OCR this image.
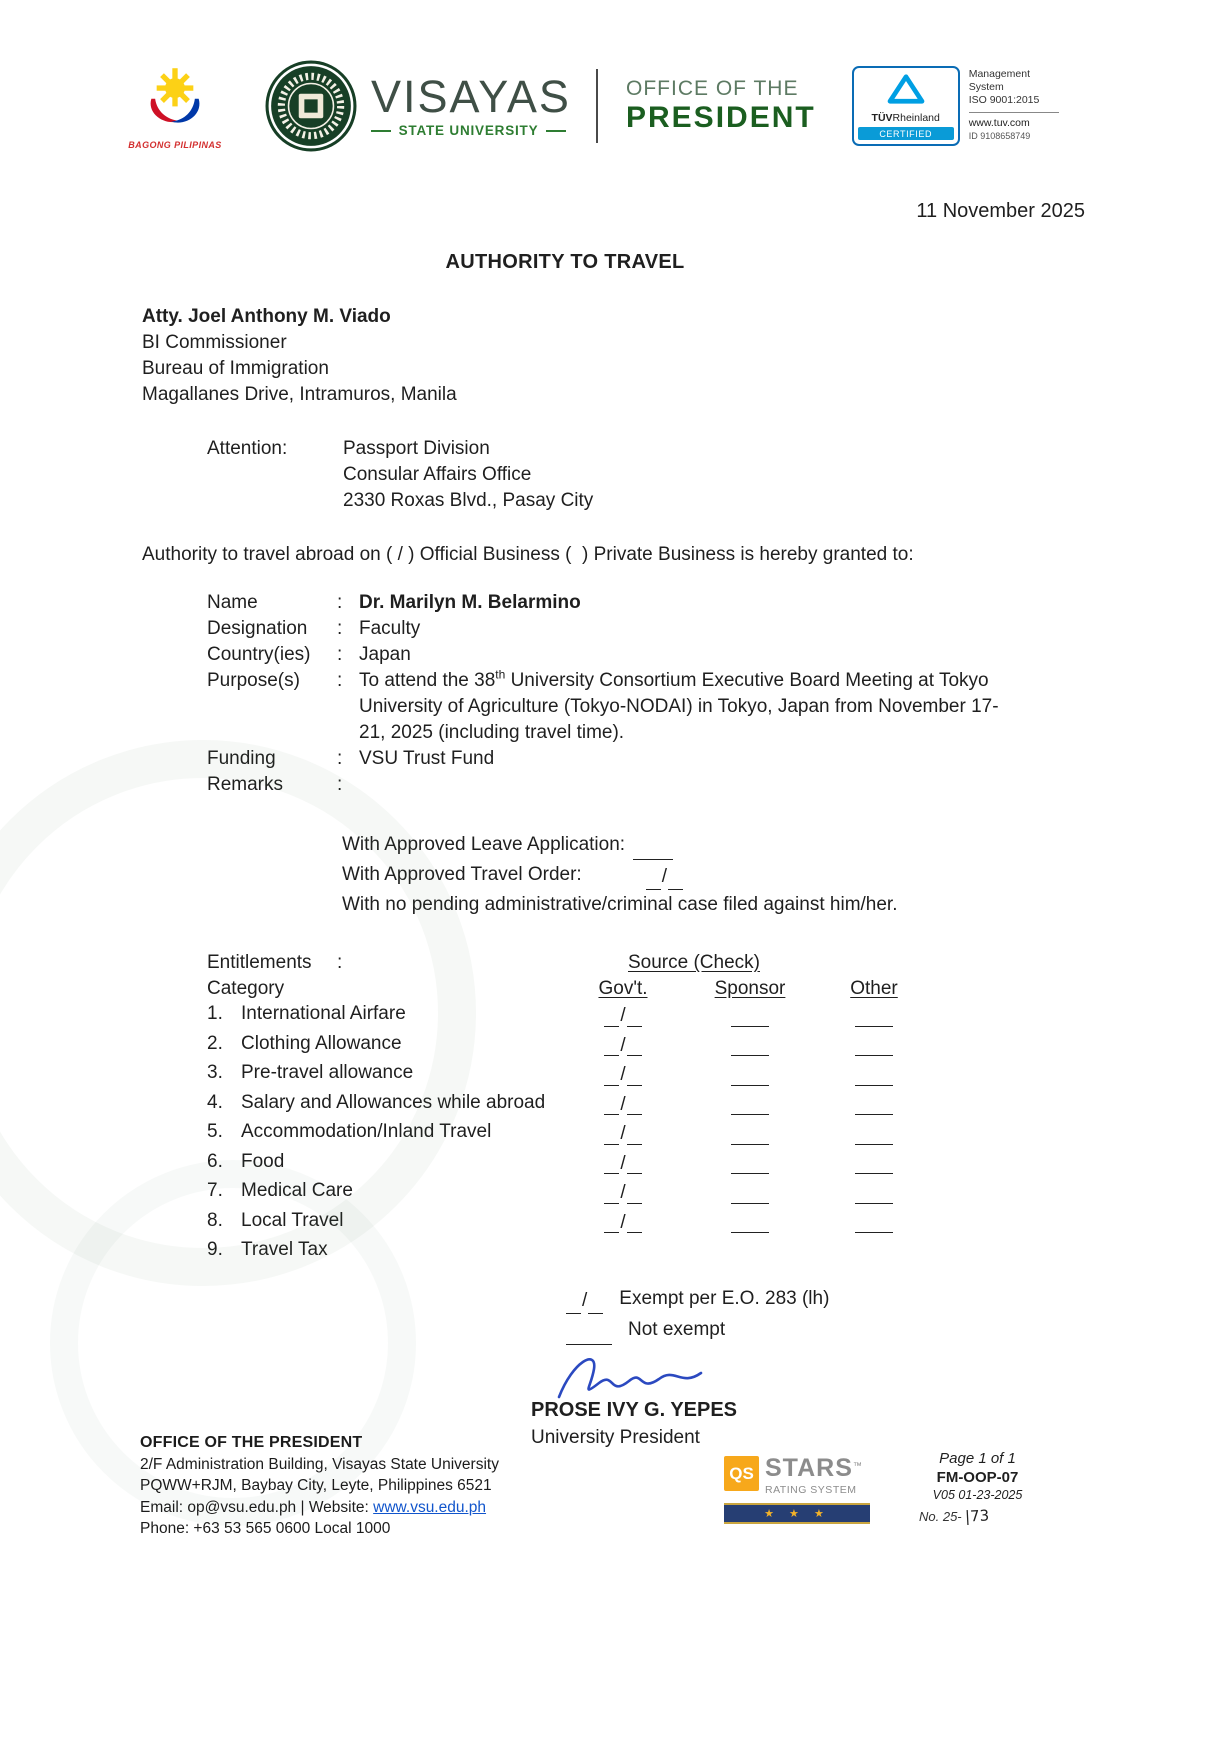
BAGONG PILIPINAS
VISAYAS
STATE UNIVERSITY
OFFICE OF THE
PRESIDENT	TÜVRheinland
CERTIFIED
Management
System
ISO 9001:2015
www.tuv.com
ID 9108658749
11 November 2025
AUTHORITY TO TRAVEL
Atty. Joel Anthony M. Viado
BI Commissioner
Bureau of Immigration
Magallanes Drive, Intramuros, Manila
Attention:	Passport Division
Consular Affairs Office
2330 Roxas Blvd., Pasay City
Authority to travel abroad on ( / ) Official Business (  ) Private Business is hereby granted to:
Name	: Dr. Marilyn M. Belarmino
Designation	: Faculty
Country(ies)	: Japan
Purpose(s)	: To attend the 38th University Consortium Executive Board Meeting at Tokyo University of Agriculture (Tokyo-NODAI) in Tokyo, Japan from November 17-21, 2025 (including travel time).
Funding	: VSU Trust Fund
Remarks	:
With Approved Leave Application:
With Approved Travel Order:	/
With no pending administrative/criminal case filed against him/her.
Entitlements :	Source (Check)
Category	Gov't.	Sponsor	Other
1. International Airfare	/
2. Clothing Allowance	/
3. Pre-travel allowance	/
4. Salary and Allowances while abroad	/
5. Accommodation/Inland Travel	/
6. Food	/
7. Medical Care	/
8. Local Travel	/
9. Travel Tax
/ Exempt per E.O. 283 (lh)
Not exempt
PROSE IVY G. YEPES
University President
OFFICE OF THE PRESIDENT
2/F Administration Building, Visayas State University
PQWW+RJM, Baybay City, Leyte, Philippines 6521
Email: op@vsu.edu.ph | Website: www.vsu.edu.ph
Phone: +63 53 565 0600 Local 1000
QS STARS™
RATING SYSTEM
★ ★ ★
Page 1 of 1
FM-OOP-07
V05 01-23-2025
No. 25- |73
